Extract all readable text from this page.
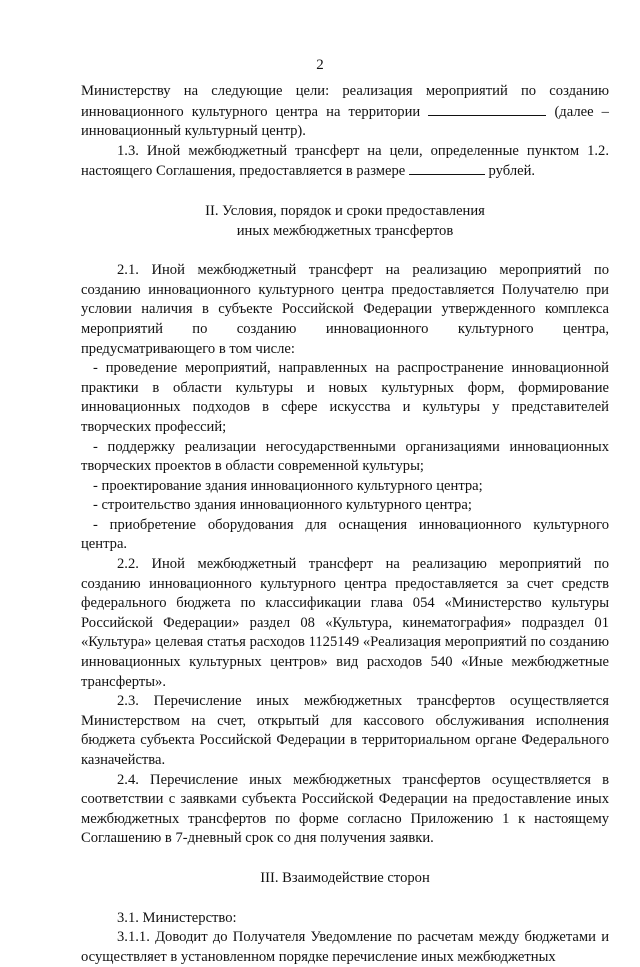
2

Министерству на следующие цели: реализация мероприятий по созданию инновационного культурного центра на территории	(далее – инновационный культурный центр).

1.3. Иной межбюджетный трансферт на цели, определенные пунктом 1.2. настоящего Соглашения, предоставляется в размере	рублей.

II. Условия, порядок и сроки предоставления
иных межбюджетных трансфертов

2.1. Иной межбюджетный трансферт на реализацию мероприятий по созданию инновационного культурного центра предоставляется Получателю при условии наличия в субъекте Российской Федерации утвержденного комплекса мероприятий по созданию инновационного культурного центра, предусматривающего в том числе:

- проведение мероприятий, направленных на распространение инновационной практики в области культуры и новых культурных форм, формирование инновационных подходов в сфере искусства и культуры у представителей творческих профессий;

- поддержку реализации негосударственными организациями инновационных творческих проектов в области современной культуры;

- проектирование здания инновационного культурного центра;

- строительство здания инновационного культурного центра;

- приобретение оборудования для оснащения инновационного культурного центра.

2.2. Иной межбюджетный трансферт на реализацию мероприятий по созданию инновационного культурного центра предоставляется за счет средств федерального бюджета по классификации глава 054 «Министерство культуры Российской Федерации» раздел 08 «Культура, кинематография» подраздел 01 «Культура» целевая статья расходов 1125149 «Реализация мероприятий по созданию инновационных культурных центров» вид расходов 540 «Иные межбюджетные трансферты».

2.3. Перечисление иных межбюджетных трансфертов осуществляется Министерством на счет, открытый для кассового обслуживания исполнения бюджета субъекта Российской Федерации в территориальном органе Федерального казначейства.

2.4. Перечисление иных межбюджетных трансфертов осуществляется в соответствии с заявками субъекта Российской Федерации на предоставление иных межбюджетных трансфертов по форме согласно Приложению 1 к настоящему Соглашению в 7-дневный срок со дня получения заявки.

III. Взаимодействие сторон

3.1. Министерство:

3.1.1. Доводит до Получателя Уведомление по расчетам между бюджетами и осуществляет в установленном порядке перечисление иных межбюджетных
